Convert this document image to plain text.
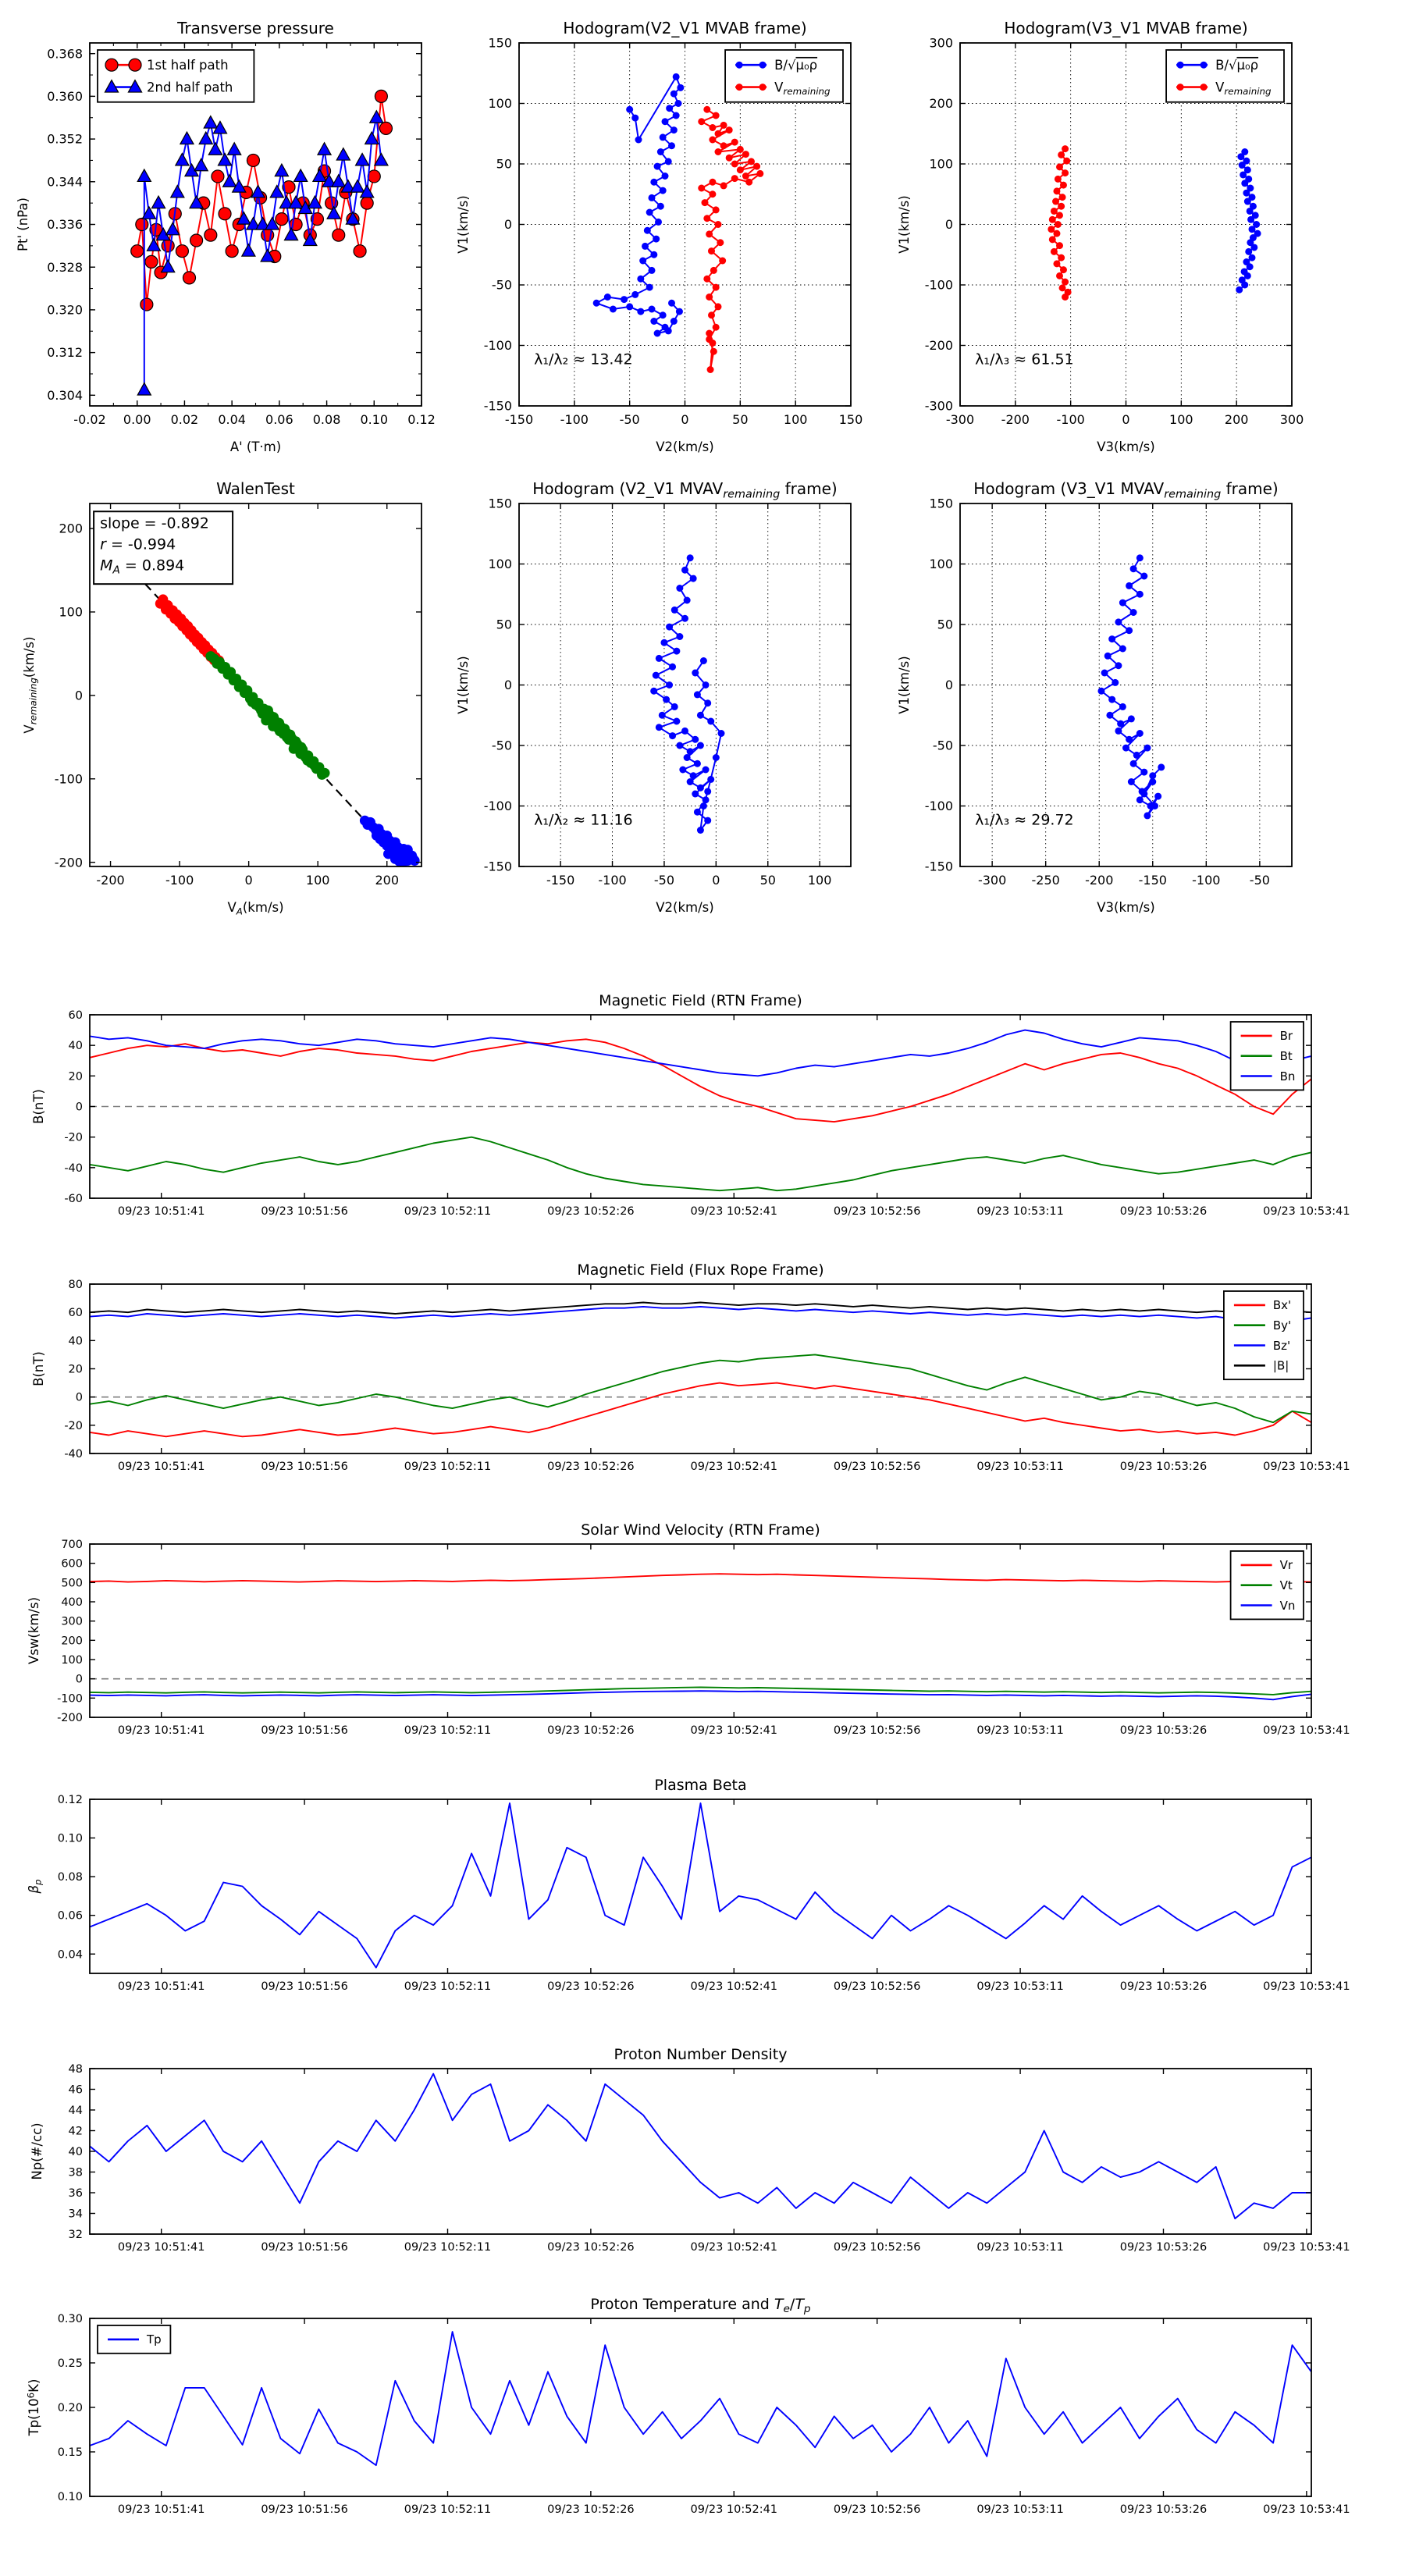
-0.02 0.00 0.02 0.04 0.06 0.08 0.10 0.12
0.304
0.312
0.320
0.328
0.336
0.344
0.352
0.360
0.368
Transverse pressure
A' (T·m)
Pt' (nPa)
1st half path
2nd half path
-150 -100 -50	0	50	100	150
-150
-100
-50
0
50
100
150
Hodogram(V2_V1 MVAB frame)
V2(km/s)
V1(km/s)
B/√μ₀ρ
$V_{remaining}$
λ₁/λ₂ ≈ 13.42
-300 -200 -100	0	100	200	300
-300
-200
-100
0
100
200
300
Hodogram(V3_V1 MVAB frame)
V3(km/s)
V1(km/s)
B/√μ₀ρ
$V_{remaining}$
λ₁/λ₃ ≈ 61.51
-200	-100	0	100	200
-200
-100
0
100
200
WalenTest
$V_A(km/s)$
$V_{remaining}(km/s)$
slope = -0.892
r = -0.994
$M_A = 0.894$
-150 -100 -50	0	50	100
-150
-100
-50
0
50
100
150
Hodogram (V2_V1 $MVAV_{remaining}$ frame)
V2(km/s)
V1(km/s)
λ₁/λ₂ ≈ 11.16
-300 -250 -200 -150 -100 -50
-150
-100
-50
0
50
100
150
Hodogram (V3_V1 $MVAV_{remaining}$ frame)
V3(km/s)
V1(km/s)
λ₁/λ₃ ≈ 29.72
09/23 10:51:41	09/23 10:51:56	09/23 10:52:11	09/23 10:52:26	09/23 10:52:41	09/23 10:52:56	09/23 10:53:11	09/23 10:53:26	09/23 10:53:41
-60
-40
-20
0
20
40
60
Magnetic Field (RTN Frame)
B(nT)
Br
Bt
Bn
09/23 10:51:41	09/23 10:51:56	09/23 10:52:11	09/23 10:52:26	09/23 10:52:41	09/23 10:52:56	09/23 10:53:11	09/23 10:53:26	09/23 10:53:41
-40
-20
0
20
40
60
80
Magnetic Field (Flux Rope Frame)
B(nT)
Bx'
By'
Bz'
|B|
09/23 10:51:41	09/23 10:51:56	09/23 10:52:11	09/23 10:52:26	09/23 10:52:41	09/23 10:52:56	09/23 10:53:11	09/23 10:53:26	09/23 10:53:41
-200
-100
0
100
200
300
400
500
600
700
Solar Wind Velocity (RTN Frame)
Vsw(km/s)
Vr
Vt
Vn
09/23 10:51:41	09/23 10:51:56	09/23 10:52:11	09/23 10:52:26	09/23 10:52:41	09/23 10:52:56	09/23 10:53:11	09/23 10:53:26	09/23 10:53:41
0.04
0.06
0.08
0.10
0.12
Plasma Beta
$\beta_p$
09/23 10:51:41	09/23 10:51:56	09/23 10:52:11	09/23 10:52:26	09/23 10:52:41	09/23 10:52:56	09/23 10:53:11	09/23 10:53:26	09/23 10:53:41
32
34
36
38
40
42
44
46
48
Proton Number Density
Np(#/cc)
09/23 10:51:41	09/23 10:51:56	09/23 10:52:11	09/23 10:52:26	09/23 10:52:41	09/23 10:52:56	09/23 10:53:11	09/23 10:53:26	09/23 10:53:41
0.10
0.15
0.20
0.25
0.30
Proton Temperature and $T_e/T_p$
$Tp(10^6K)$
Tp
